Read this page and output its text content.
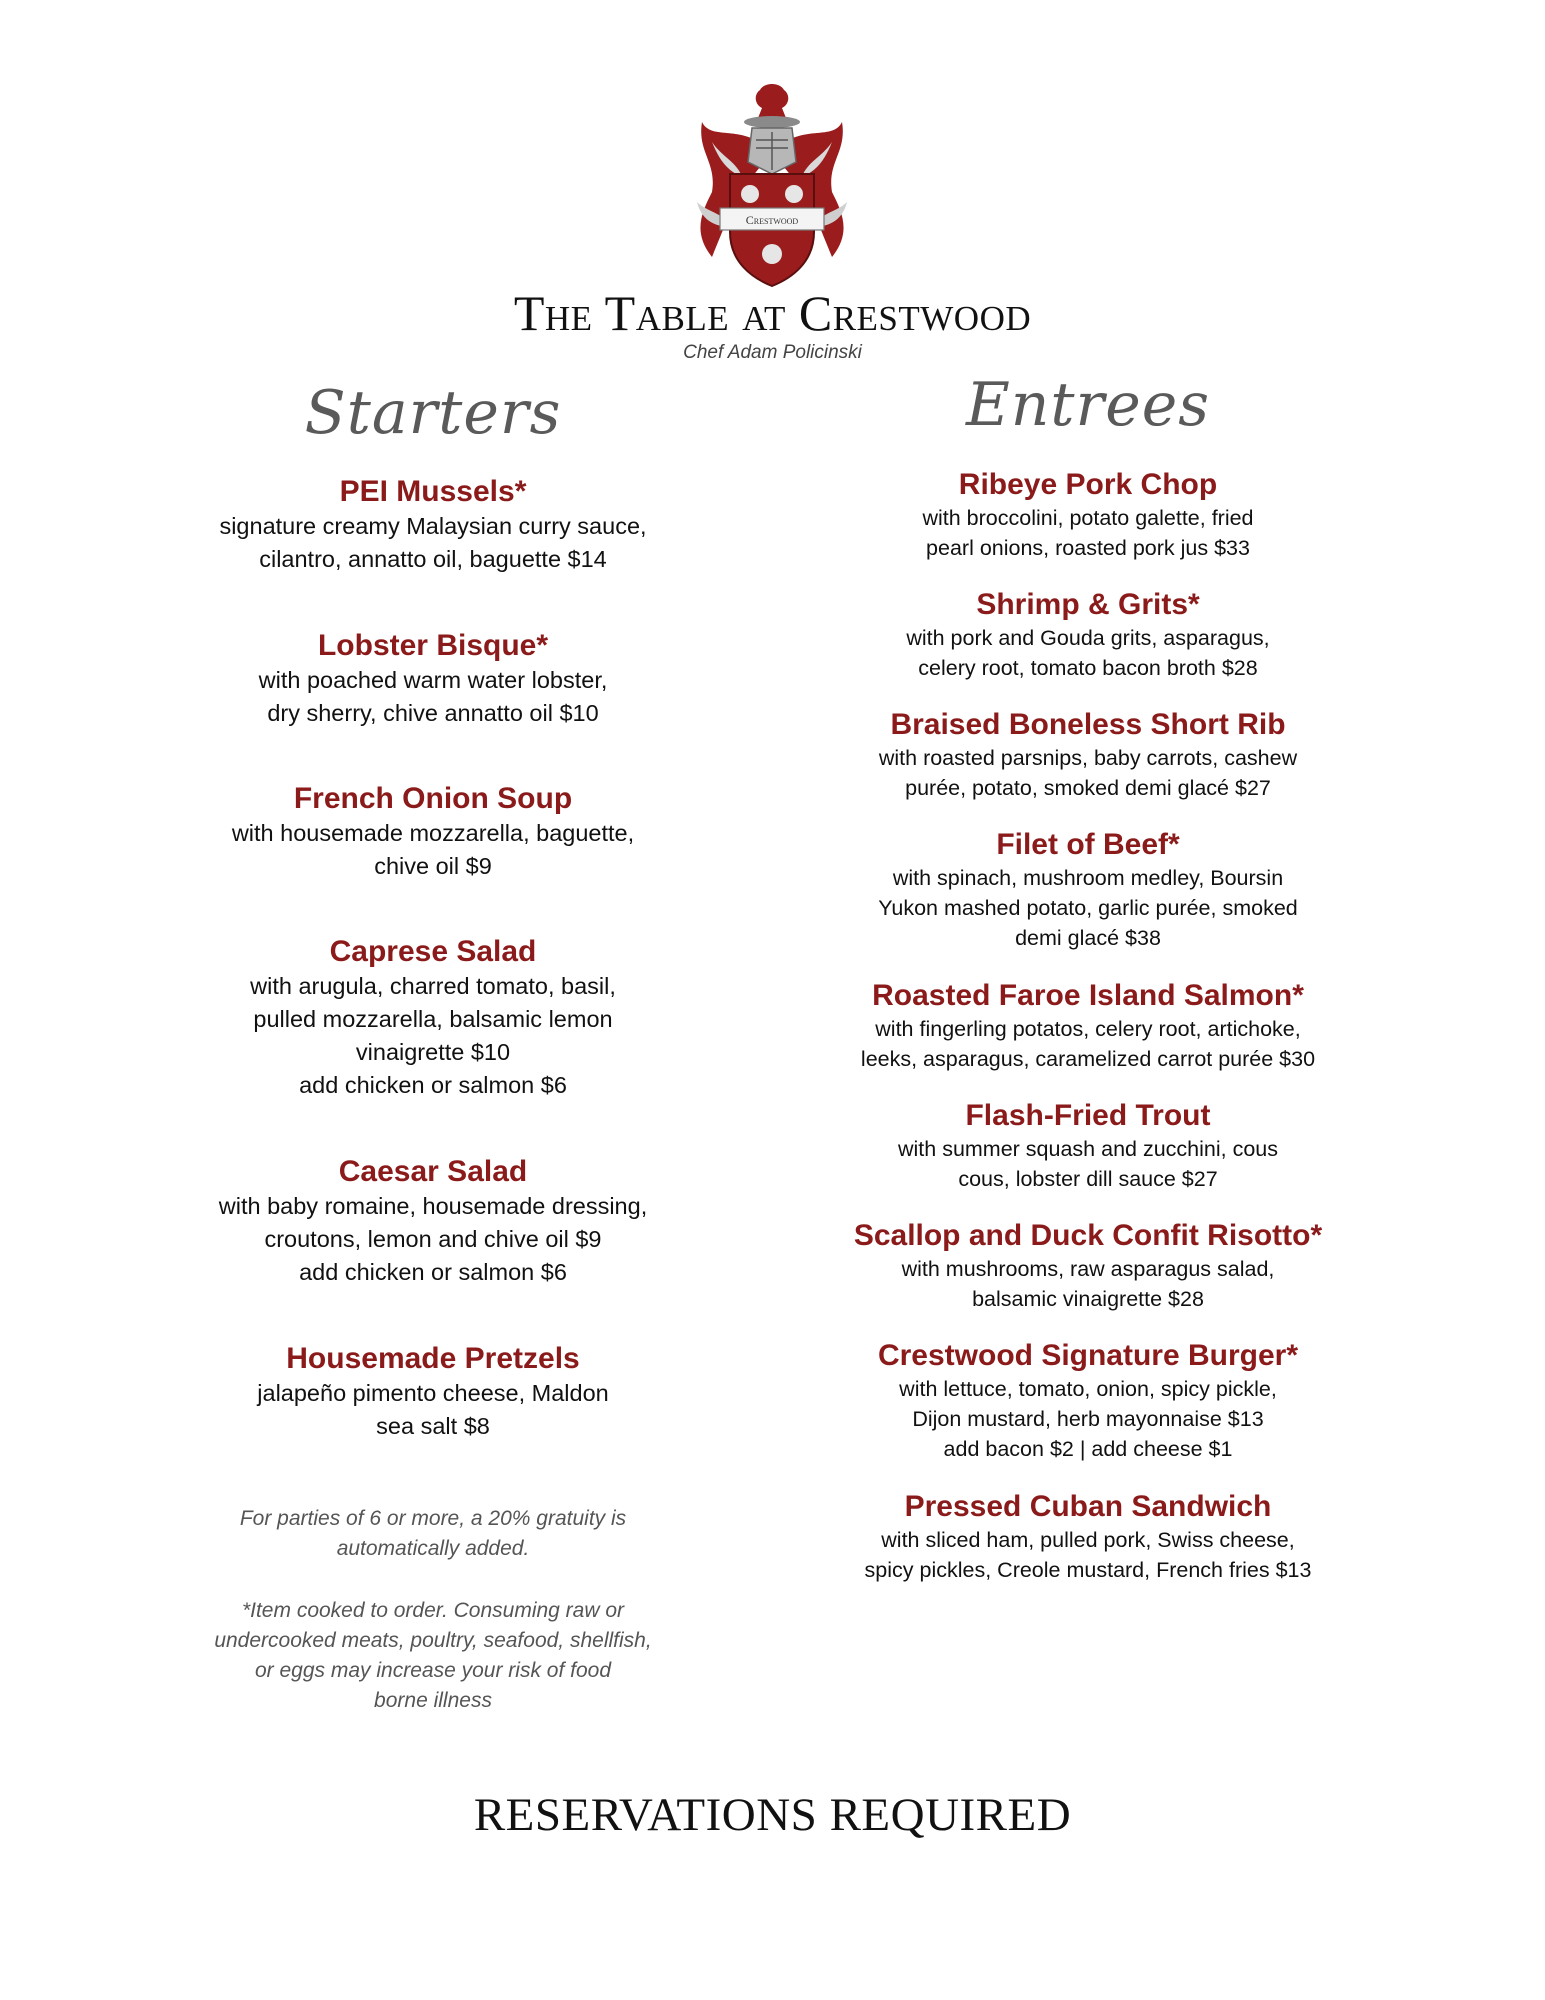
Crestwood
The Table at Crestwood
Chef Adam Policinski
Starters
PEI Mussels*
signature creamy Malaysian curry sauce,
cilantro, annatto oil, baguette $14
Lobster Bisque*
with poached warm water lobster,
dry sherry, chive annatto oil $10
French Onion Soup
with housemade mozzarella, baguette,
chive oil $9
Caprese Salad
with arugula, charred tomato, basil,
pulled mozzarella, balsamic lemon
vinaigrette $10
add chicken or salmon $6
Caesar Salad
with baby romaine, housemade dressing,
croutons, lemon and chive oil $9
add chicken or salmon $6
Housemade Pretzels
jalapeño pimento cheese, Maldon
sea salt $8
For parties of 6 or more, a 20% gratuity is
automatically added.
*Item cooked to order. Consuming raw or
undercooked meats, poultry, seafood, shellfish,
or eggs may increase your risk of food
borne illness
Entrees
Ribeye Pork Chop
with broccolini, potato galette, fried
pearl onions, roasted pork jus $33
Shrimp & Grits*
with pork and Gouda grits, asparagus,
celery root, tomato bacon broth $28
Braised Boneless Short Rib
with roasted parsnips, baby carrots, cashew
purée, potato, smoked demi glacé $27
Filet of Beef*
with spinach, mushroom medley, Boursin
Yukon mashed potato, garlic purée, smoked
demi glacé $38
Roasted Faroe Island Salmon*
with fingerling potatos, celery root, artichoke,
leeks, asparagus, caramelized carrot purée $30
Flash-Fried Trout
with summer squash and zucchini, cous
cous, lobster dill sauce $27
Scallop and Duck Confit Risotto*
with mushrooms, raw asparagus salad,
balsamic vinaigrette $28
Crestwood Signature Burger*
with lettuce, tomato, onion, spicy pickle,
Dijon mustard, herb mayonnaise $13
add bacon $2 | add cheese $1
Pressed Cuban Sandwich
with sliced ham, pulled pork, Swiss cheese,
spicy pickles, Creole mustard, French fries $13
RESERVATIONS REQUIRED
